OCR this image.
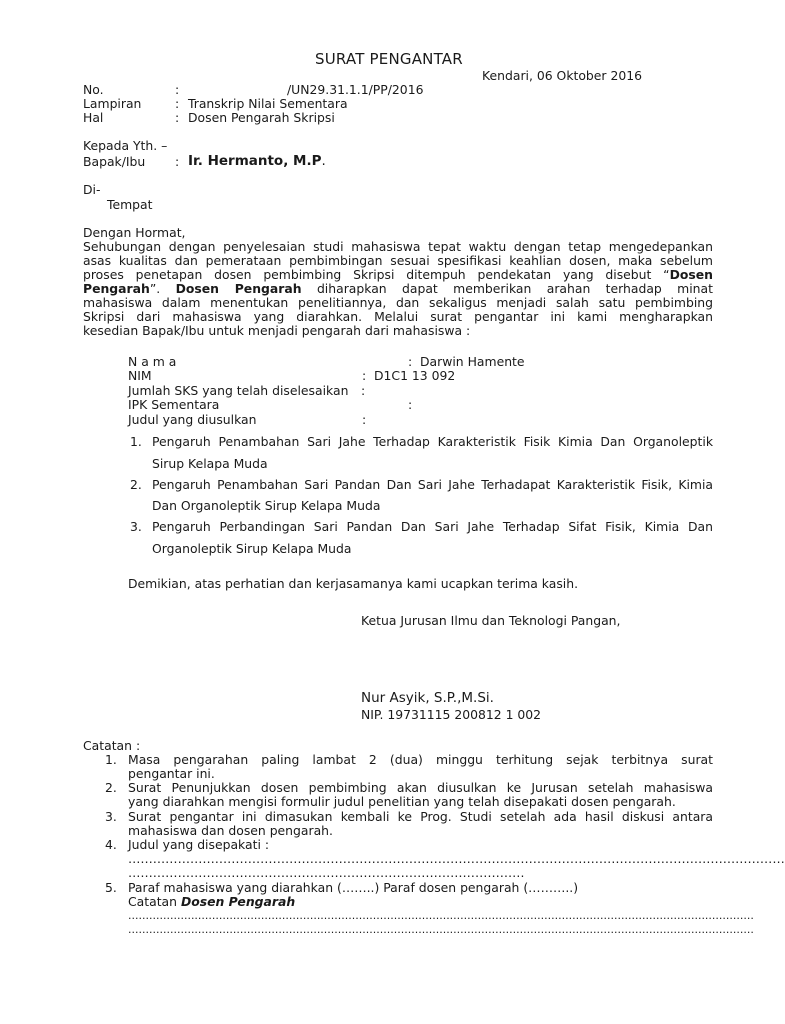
SURAT PENGANTAR
Kendari, 06 Oktober 2016
No.	:	/UN29.31.1.1/PP/2016
Lampiran	: Transkrip Nilai Sementara
Hal	: Dosen Pengarah Skripsi
Kepada Yth. –
Bapak/Ibu : Ir. Hermanto, M.P.
Di-
Tempat
Dengan Hormat,
Sehubungan dengan penyelesaian studi mahasiswa tepat waktu dengan tetap mengedepankan
asas kualitas dan pemerataan pembimbingan sesuai spesifikasi keahlian dosen, maka sebelum
proses penetapan dosen pembimbing Skripsi ditempuh pendekatan yang disebut “Dosen
Pengarah”. Dosen Pengarah diharapkan dapat memberikan arahan terhadap minat
mahasiswa dalam menentukan penelitiannya, dan sekaligus menjadi salah satu pembimbing
Skripsi dari mahasiswa yang diarahkan. Melalui surat pengantar ini kami mengharapkan
kesedian Bapak/Ibu untuk menjadi pengarah dari mahasiswa :
N a m a	: Darwin Hamente
NIM	: D1C1 13 092
Jumlah SKS yang telah diselesaikan :
IPK Sementara	:
Judul yang diusulkan	:
1. Pengaruh Penambahan Sari Jahe Terhadap Karakteristik Fisik Kimia Dan Organoleptik
Sirup Kelapa Muda
2. Pengaruh Penambahan Sari Pandan Dan Sari Jahe Terhadapat Karakteristik Fisik, Kimia
Dan Organoleptik Sirup Kelapa Muda
3. Pengaruh Perbandingan Sari Pandan Dan Sari Jahe Terhadap Sifat Fisik, Kimia Dan
Organoleptik Sirup Kelapa Muda
Demikian, atas perhatian dan kerjasamanya kami ucapkan terima kasih.
Ketua Jurusan Ilmu dan Teknologi Pangan,
Nur Asyik, S.P.,M.Si.
NIP. 19731115 200812 1 002
Catatan :
1. Masa pengarahan paling lambat 2 (dua) minggu terhitung sejak terbitnya surat
pengantar ini.
2. Surat Penunjukkan dosen pembimbing akan diusulkan ke Jurusan setelah mahasiswa
yang diarahkan mengisi formulir judul penelitian yang telah disepakati dosen pengarah.
3. Surat pengantar ini dimasukan kembali ke Prog. Studi setelah ada hasil diskusi antara
mahasiswa dan dosen pengarah.
4. Judul yang disepakati :
……………………………………………………………………………………………………………………………………………
……………………………………………………………………………………
5. Paraf mahasiswa yang diarahkan (……..) Paraf dosen pengarah (………..)
Catatan Dosen Pengarah
...................................................................................................................................................................................
...................................................................................................................................................................................
